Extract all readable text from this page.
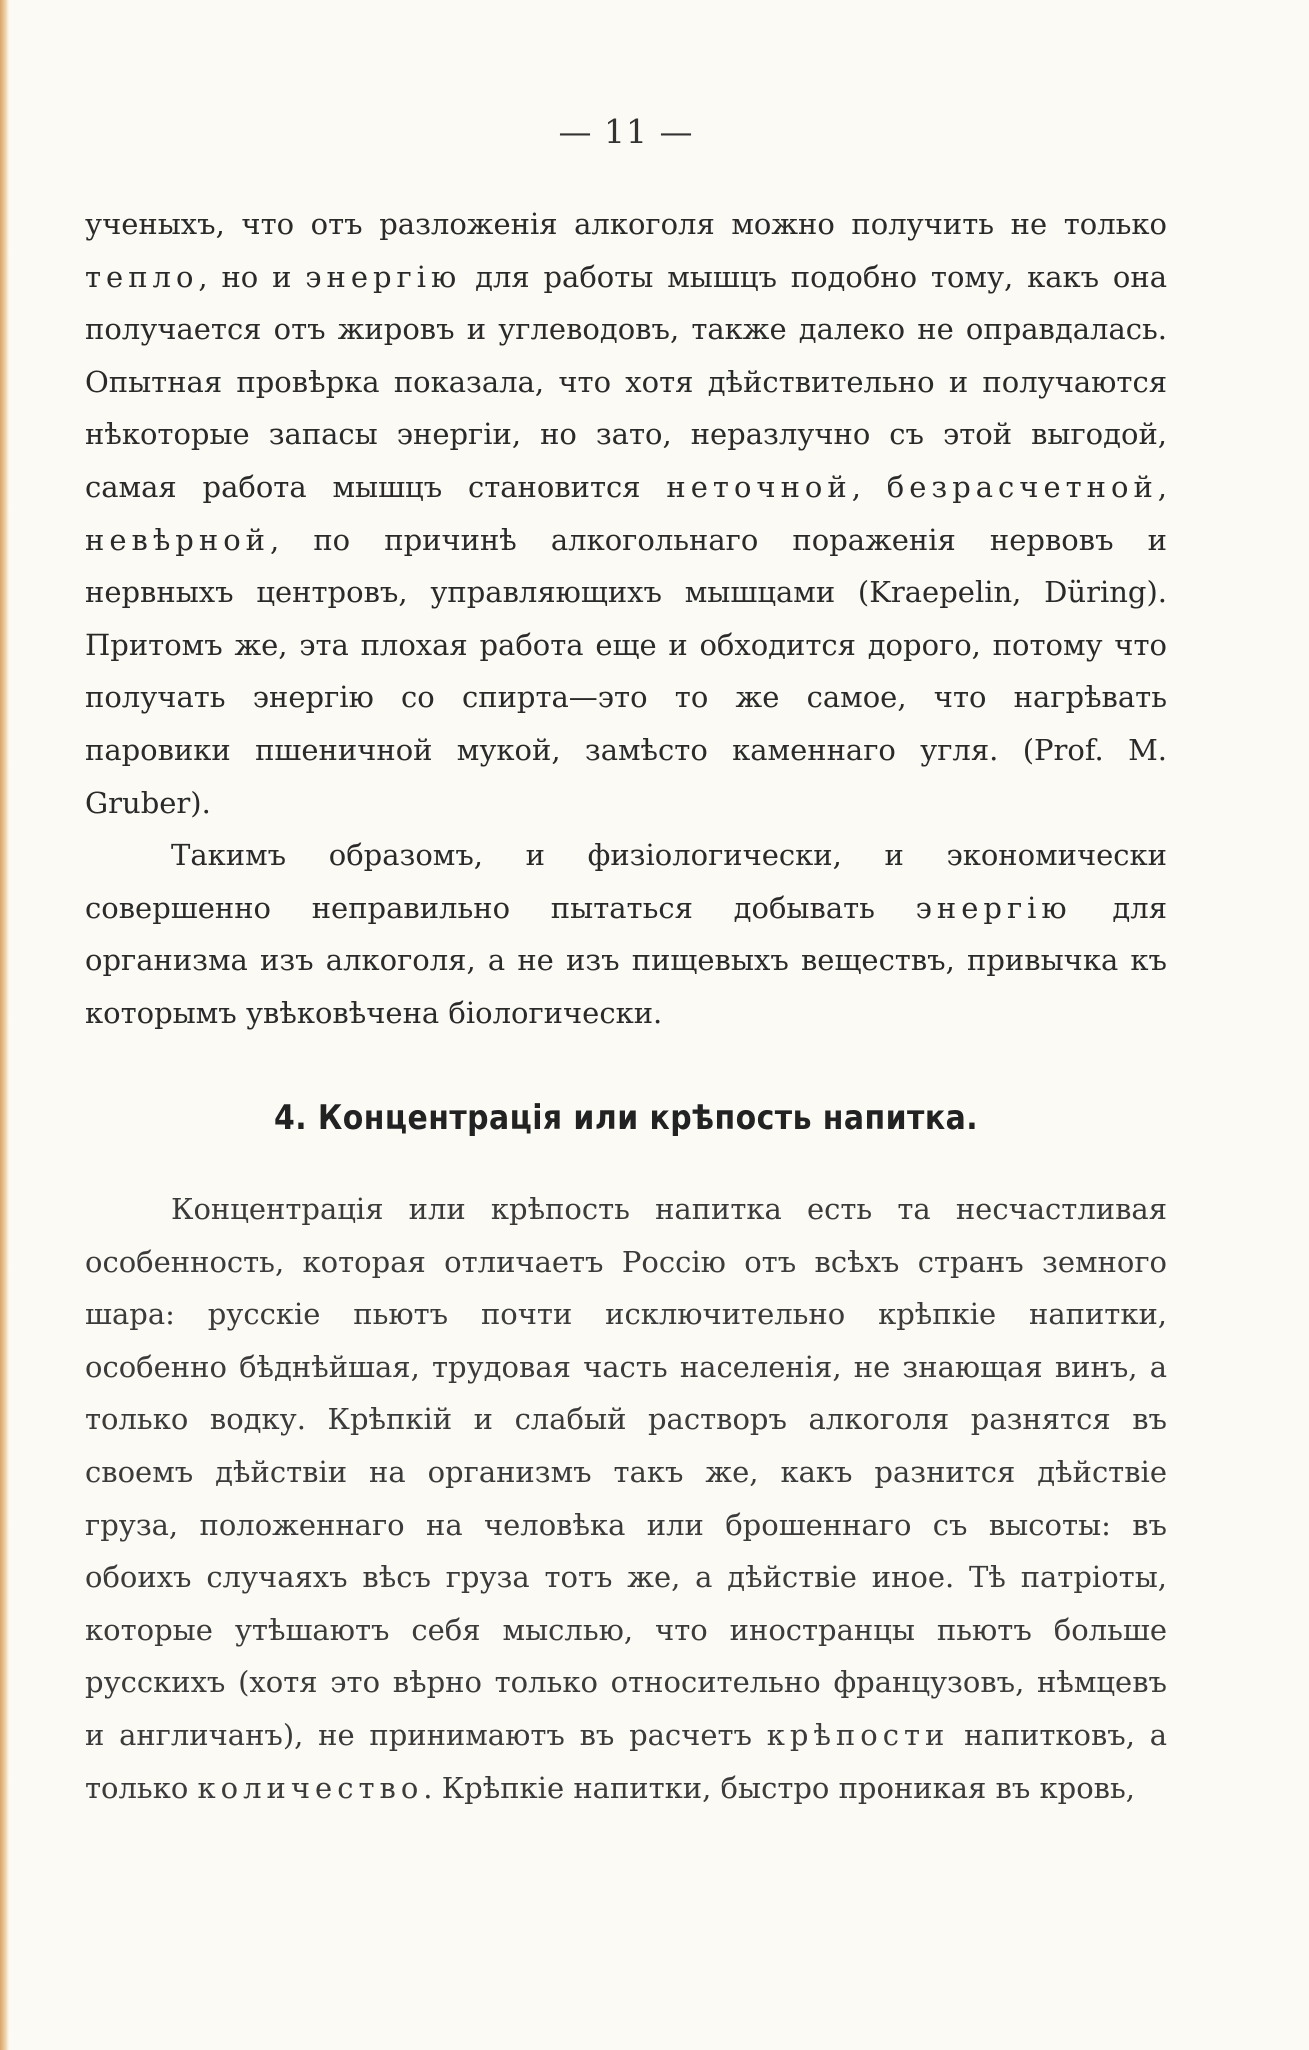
— 11 —

ученыхъ, что отъ разложенія алкоголя можно получить не только тепло, но и энергію для работы мышцъ подобно тому, какъ она получается отъ жировъ и углеводовъ, также далеко не оправдалась. Опытная провѣрка показала, что хотя дѣйствительно и получаются нѣкоторые запасы энергіи, но зато, неразлучно съ этой выгодой, самая работа мышцъ становится неточной, безрасчетной, невѣрной, по причинѣ алкогольнаго пораженія нервовъ и нервныхъ центровъ, управляющихъ мышцами (Kraepelin, Düring). Притомъ же, эта плохая работа еще и обходится дорого, потому что получать энергію со спирта—это то же самое, что нагрѣвать паровики пшеничной мукой, замѣсто каменнаго угля. (Prof. M. Gruber).

Такимъ образомъ, и физіологически, и экономически совершенно неправильно пытаться добывать энергію для организма изъ алкоголя, а не изъ пищевыхъ веществъ, привычка къ которымъ увѣковѣчена біологически.

4. Концентрація или крѣпость напитка.

Концентрація или крѣпость напитка есть та несчастливая особенность, которая отличаетъ Россію отъ всѣхъ странъ земного шара: русскіе пьютъ почти исключительно крѣпкіе напитки, особенно бѣднѣйшая, трудовая часть населенія, не знающая винъ, а только водку. Крѣпкій и слабый растворъ алкоголя разнятся въ своемъ дѣйствіи на организмъ такъ же, какъ разнится дѣйствіе груза, положеннаго на человѣка или брошеннаго съ высоты: въ обоихъ случаяхъ вѣсъ груза тотъ же, а дѣйствіе иное. Тѣ патріоты, которые утѣшаютъ себя мыслью, что иностранцы пьютъ больше русскихъ (хотя это вѣрно только относительно французовъ, нѣмцевъ и англичанъ), не принимаютъ въ расчетъ крѣпости напитковъ, а только количество. Крѣпкіе напитки, быстро проникая въ кровь,
